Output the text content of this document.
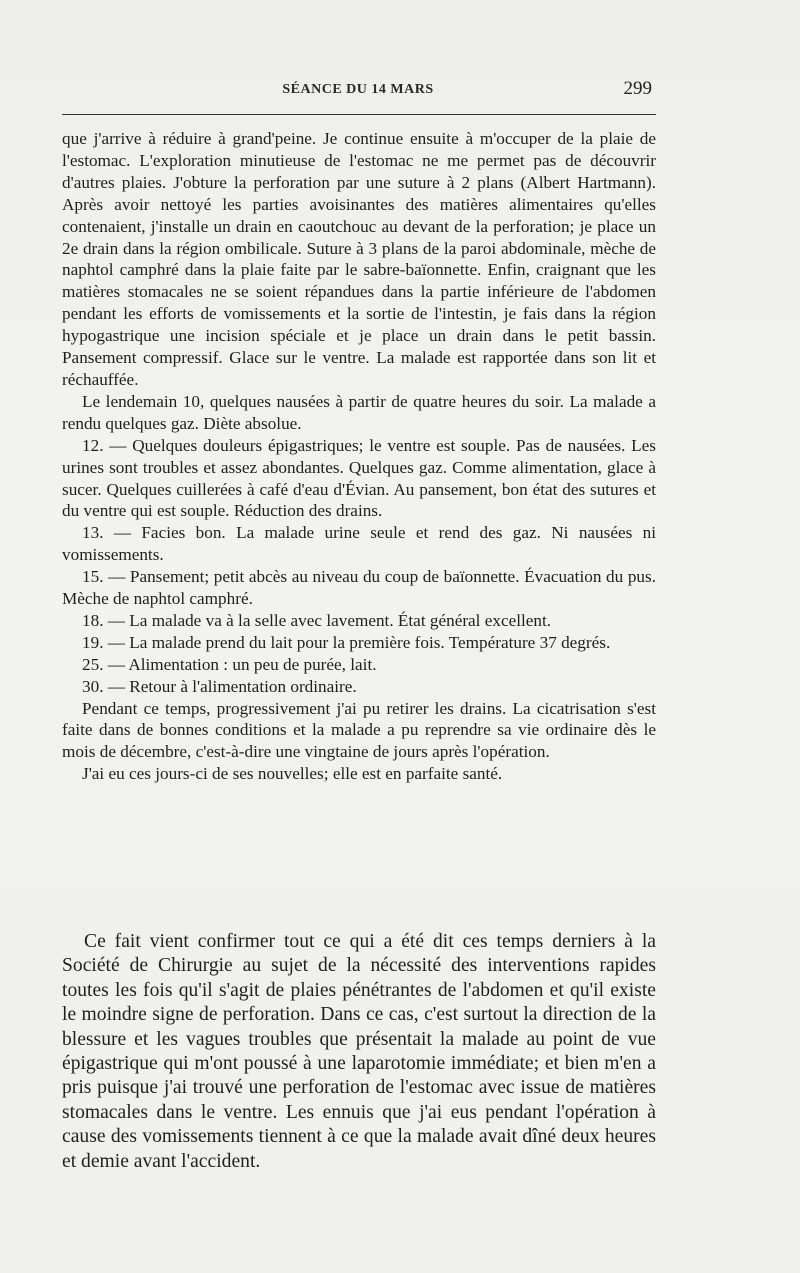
SÉANCE DU 14 MARS	299

que j'arrive à réduire à grand'peine. Je continue ensuite à m'occuper de la plaie de l'estomac. L'exploration minutieuse de l'estomac ne me permet pas de découvrir d'autres plaies. J'obture la perforation par une suture à 2 plans (Albert Hartmann). Après avoir nettoyé les parties avoisinantes des matières alimentaires qu'elles contenaient, j'installe un drain en caoutchouc au devant de la perforation; je place un 2e drain dans la région ombilicale. Suture à 3 plans de la paroi abdominale, mèche de naphtol camphré dans la plaie faite par le sabre-baïonnette. Enfin, craignant que les matières stomacales ne se soient répandues dans la partie inférieure de l'abdomen pendant les efforts de vomissements et la sortie de l'intestin, je fais dans la région hypogastrique une incision spéciale et je place un drain dans le petit bassin. Pansement compressif. Glace sur le ventre. La malade est rapportée dans son lit et réchauffée.

Le lendemain 10, quelques nausées à partir de quatre heures du soir. La malade a rendu quelques gaz. Diète absolue.

12. — Quelques douleurs épigastriques; le ventre est souple. Pas de nausées. Les urines sont troubles et assez abondantes. Quelques gaz. Comme alimentation, glace à sucer. Quelques cuillerées à café d'eau d'Évian. Au pansement, bon état des sutures et du ventre qui est souple. Réduction des drains.

13. — Facies bon. La malade urine seule et rend des gaz. Ni nausées ni vomissements.

15. — Pansement; petit abcès au niveau du coup de baïonnette. Évacuation du pus. Mèche de naphtol camphré.

18. — La malade va à la selle avec lavement. État général excellent.

19. — La malade prend du lait pour la première fois. Température 37 degrés.

25. — Alimentation : un peu de purée, lait.

30. — Retour à l'alimentation ordinaire.

Pendant ce temps, progressivement j'ai pu retirer les drains. La cicatrisation s'est faite dans de bonnes conditions et la malade a pu reprendre sa vie ordinaire dès le mois de décembre, c'est-à-dire une vingtaine de jours après l'opération.

J'ai eu ces jours-ci de ses nouvelles; elle est en parfaite santé.

Ce fait vient confirmer tout ce qui a été dit ces temps derniers à la Société de Chirurgie au sujet de la nécessité des interventions rapides toutes les fois qu'il s'agit de plaies pénétrantes de l'abdomen et qu'il existe le moindre signe de perforation. Dans ce cas, c'est surtout la direction de la blessure et les vagues troubles que présentait la malade au point de vue épigastrique qui m'ont poussé à une laparotomie immédiate; et bien m'en a pris puisque j'ai trouvé une perforation de l'estomac avec issue de matières stomacales dans le ventre. Les ennuis que j'ai eus pendant l'opération à cause des vomissements tiennent à ce que la malade avait dîné deux heures et demie avant l'accident.
